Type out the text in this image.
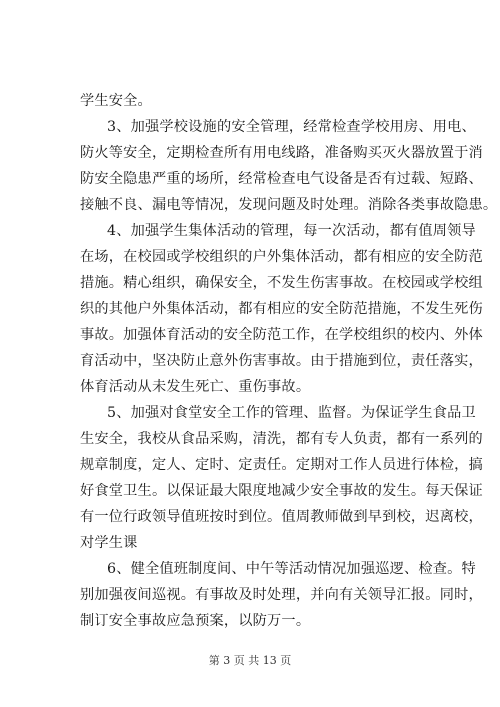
学生安全。
3、加强学校设施的安全管理，经常检查学校用房、用电、
防火等安全，定期检查所有用电线路，准备购买灭火器放置于消
防安全隐患严重的场所，经常检查电气设备是否有过载、短路、
接触不良、漏电等情况，发现问题及时处理。消除各类事故隐患。
4、加强学生集体活动的管理，每一次活动，都有值周领导
在场，在校园或学校组织的户外集体活动，都有相应的安全防范
措施。精心组织，确保安全，不发生伤害事故。在校园或学校组
织的其他户外集体活动，都有相应的安全防范措施，不发生死伤
事故。加强体育活动的安全防范工作，在学校组织的校内、外体
育活动中，坚决防止意外伤害事故。由于措施到位，责任落实，
体育活动从未发生死亡、重伤事故。
5、加强对食堂安全工作的管理、监督。为保证学生食品卫
生安全，我校从食品采购，清洗，都有专人负责，都有一系列的
规章制度，定人、定时、定责任。定期对工作人员进行体检，搞
好食堂卫生。以保证最大限度地减少安全事故的发生。每天保证
有一位行政领导值班按时到位。值周教师做到早到校，迟离校，
对学生课
6、健全值班制度间、中午等活动情况加强巡逻、检查。特
别加强夜间巡视。有事故及时处理，并向有关领导汇报。同时，
制订安全事故应急预案，以防万一。
第 3 页 共 13 页
